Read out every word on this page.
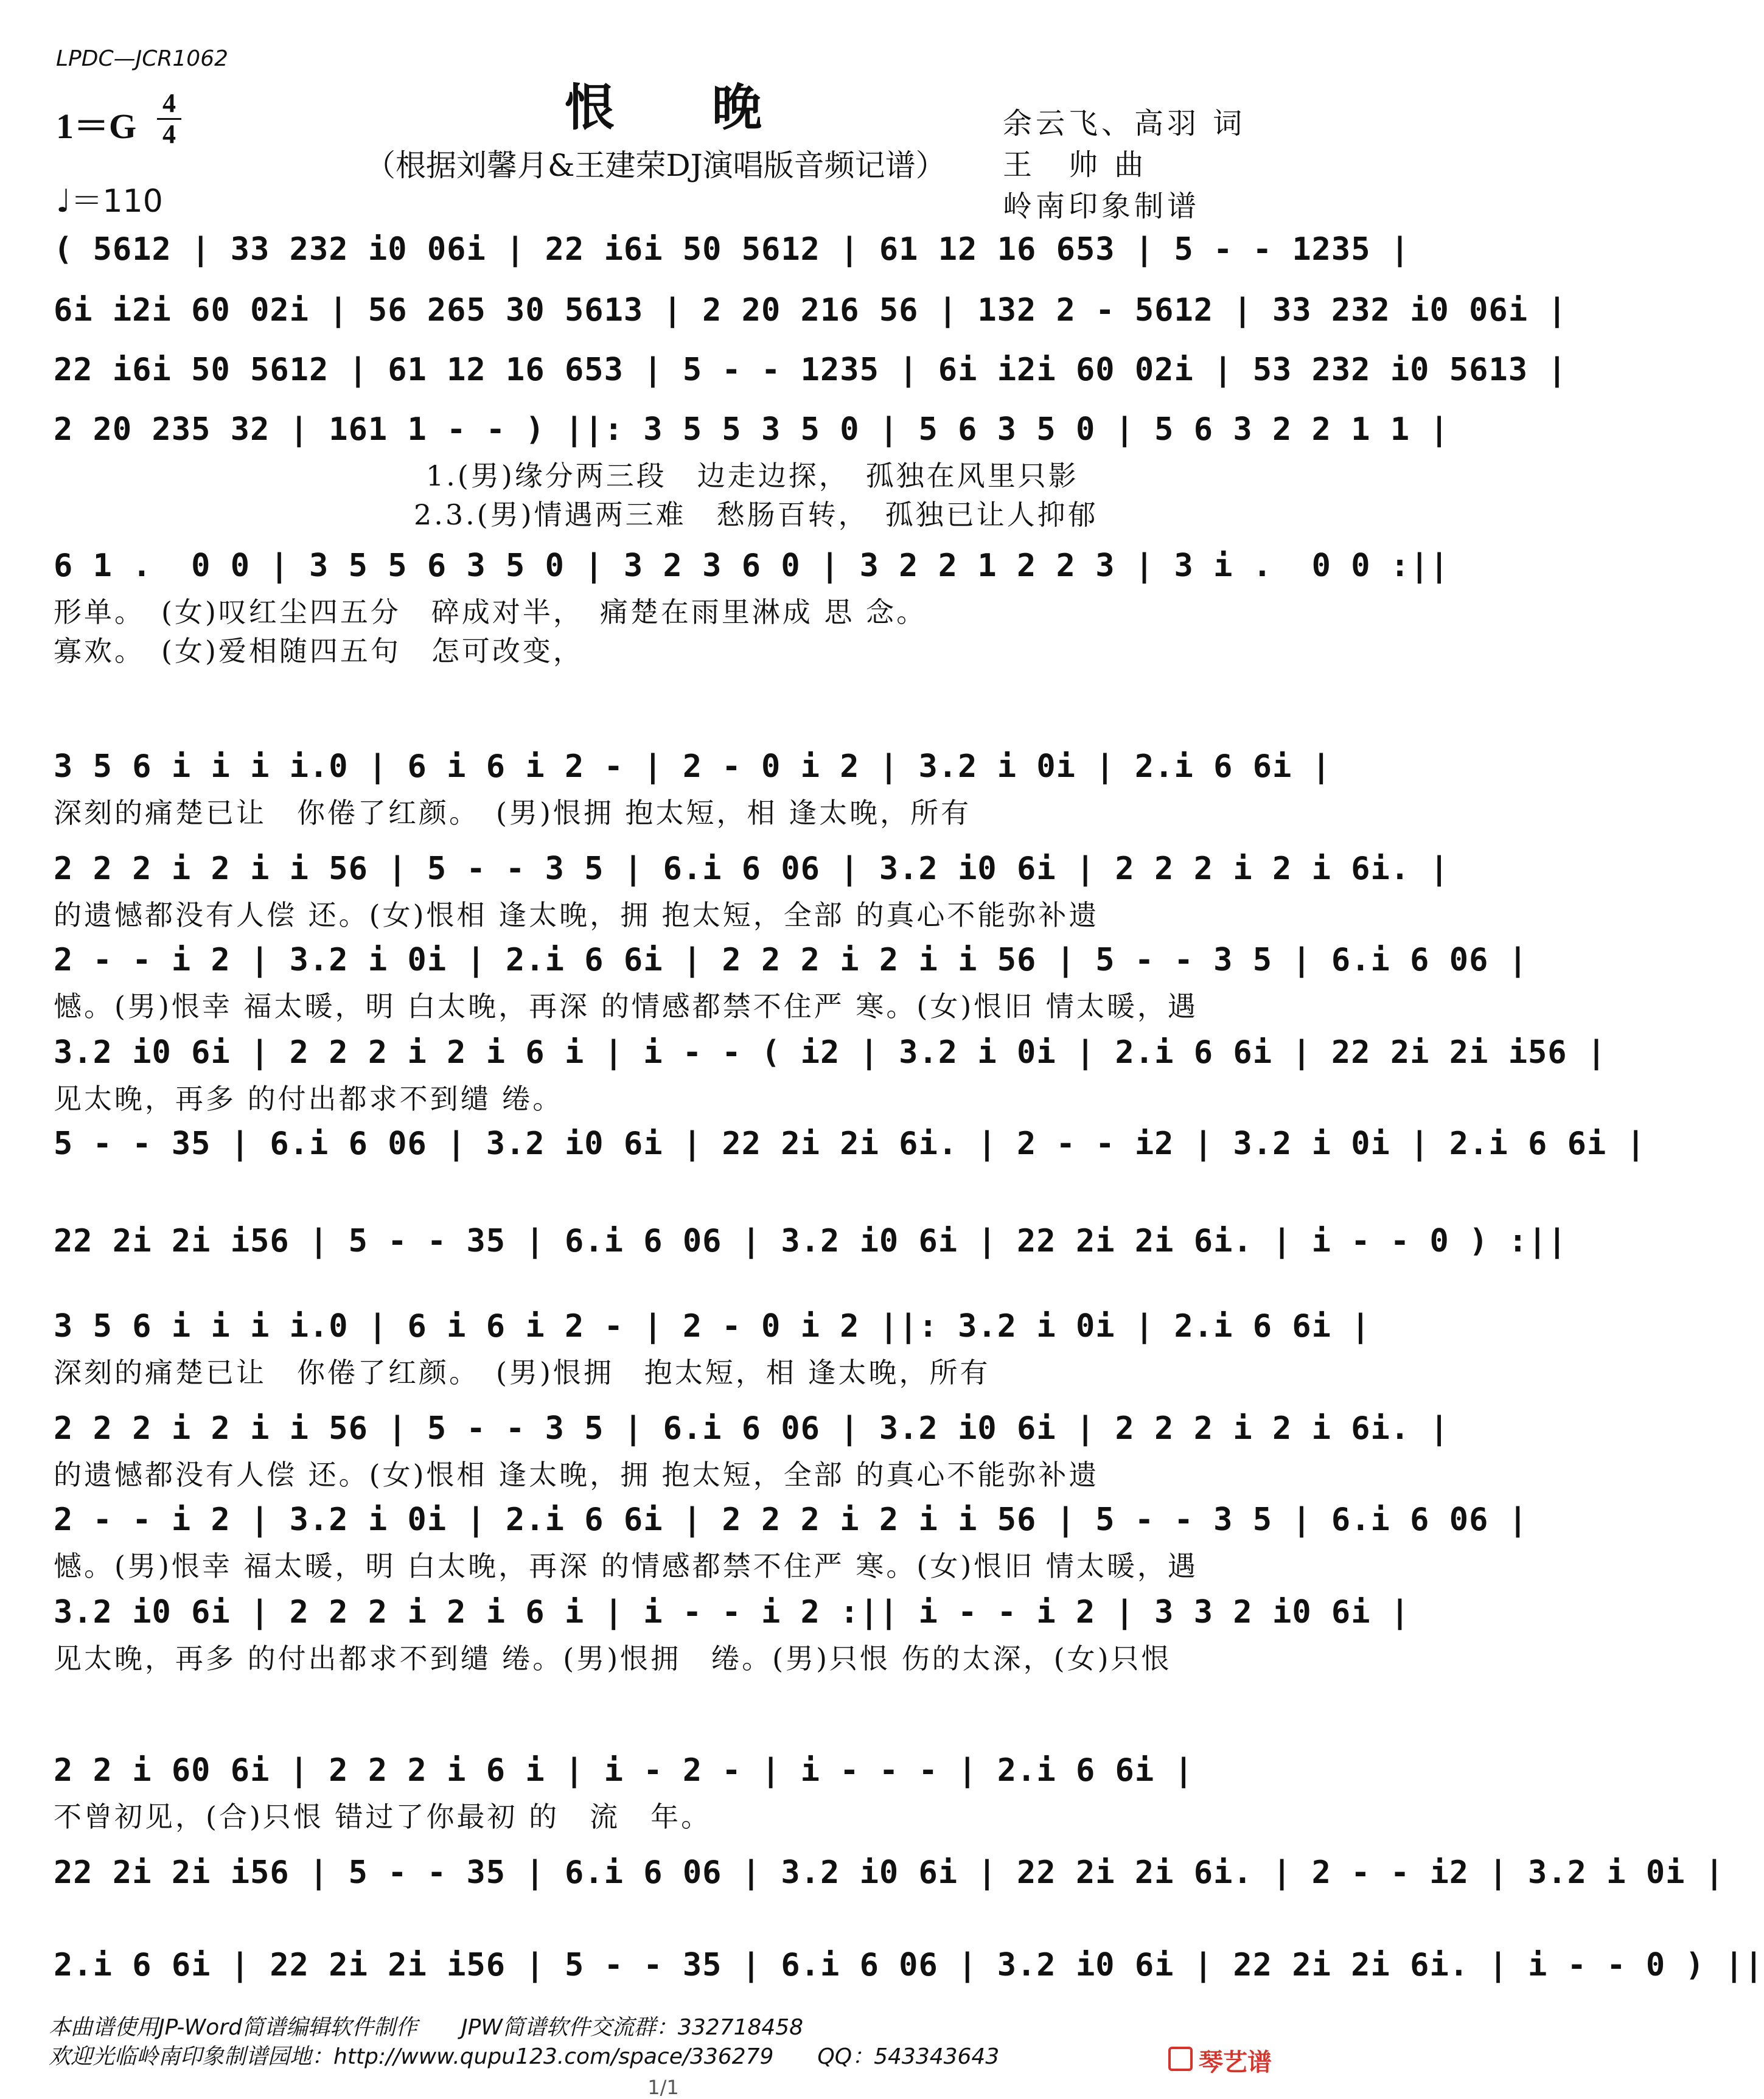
LPDC—JCR1062
恨晚
（根据刘馨月&王建荣DJ演唱版音频记谱）
1＝G
4
4
♩＝110
余云飞、高羽 词
王　帅 曲
岭南印象制谱
( 5612 | 33 232 i0 06i | 22 i6i 50 5612 | 61 12 16 653 | 5 - - 1235 |
6i i2i 60 02i | 56 265 30 5613 | 2 20 216 56 | 132 2 - 5612 | 33 232 i0 06i |
22 i6i 50 5612 | 61 12 16 653 | 5 - - 1235 | 6i i2i 60 02i | 53 232 i0 5613 |
2 20 235 32 | 161 1 - - ) ||: 3 5 5 3 5 0 | 5 6 3 5 0 | 5 6 3 2 2 1 1 |
1.(男)缘分两三段　边走边探，　孤独在风里只影
2.3.(男)情遇两三难　愁肠百转，　孤独已让人抑郁
6 1 .  0 0 | 3 5 5 6 3 5 0 | 3 2 3 6 0 | 3 2 2 1 2 2 3 | 3 i .  0 0 :||
形单。　(女)叹红尘四五分　碎成对半，　痛楚在雨里淋成 思 念。
寡欢。　(女)爱相随四五句　怎可改变，
3 5 6 i i i i.0 | 6 i 6 i 2 - | 2 - 0 i 2 | 3.2 i 0i | 2.i 6 6i |
深刻的痛楚已让　你倦了红颜。　(男)恨拥 抱太短，相 逢太晚，所有
2 2 2 i 2 i i 56 | 5 - - 3 5 | 6.i 6 06 | 3.2 i0 6i | 2 2 2 i 2 i 6i. |
的遗憾都没有人偿 还。(女)恨相 逢太晚，拥 抱太短，全部 的真心不能弥补遗
2 - - i 2 | 3.2 i 0i | 2.i 6 6i | 2 2 2 i 2 i i 56 | 5 - - 3 5 | 6.i 6 06 |
憾。(男)恨幸 福太暖，明 白太晚，再深 的情感都禁不住严 寒。(女)恨旧 情太暖，遇
3.2 i0 6i | 2 2 2 i 2 i 6 i | i - - ( i2 | 3.2 i 0i | 2.i 6 6i | 22 2i 2i i56 |
见太晚，再多 的付出都求不到缱 绻。
5 - - 35 | 6.i 6 06 | 3.2 i0 6i | 22 2i 2i 6i. | 2 - - i2 | 3.2 i 0i | 2.i 6 6i |
22 2i 2i i56 | 5 - - 35 | 6.i 6 06 | 3.2 i0 6i | 22 2i 2i 6i. | i - - 0 ) :||
3 5 6 i i i i.0 | 6 i 6 i 2 - | 2 - 0 i 2 ||: 3.2 i 0i | 2.i 6 6i |
深刻的痛楚已让　你倦了红颜。　(男)恨拥　抱太短，相 逢太晚，所有
2 2 2 i 2 i i 56 | 5 - - 3 5 | 6.i 6 06 | 3.2 i0 6i | 2 2 2 i 2 i 6i. |
的遗憾都没有人偿 还。(女)恨相 逢太晚，拥 抱太短，全部 的真心不能弥补遗
2 - - i 2 | 3.2 i 0i | 2.i 6 6i | 2 2 2 i 2 i i 56 | 5 - - 3 5 | 6.i 6 06 |
憾。(男)恨幸 福太暖，明 白太晚，再深 的情感都禁不住严 寒。(女)恨旧 情太暖，遇
3.2 i0 6i | 2 2 2 i 2 i 6 i | i - - i 2 :|| i - - i 2 | 3 3 2 i0 6i |
见太晚，再多 的付出都求不到缱 绻。(男)恨拥　绻。(男)只恨 伤的太深，(女)只恨
2 2 i 60 6i | 2 2 2 i 6 i | i - 2 - | i - - - | 2.i 6 6i |
不曾初见，(合)只恨 错过了你最初 的　流　年。
22 2i 2i i56 | 5 - - 35 | 6.i 6 06 | 3.2 i0 6i | 22 2i 2i 6i. | 2 - - i2 | 3.2 i 0i |
2.i 6 6i | 22 2i 2i i56 | 5 - - 35 | 6.i 6 06 | 3.2 i0 6i | 22 2i 2i 6i. | i - - 0 ) ||
本曲谱使用JP-Word简谱编辑软件制作　　JPW简谱软件交流群：332718458
欢迎光临岭南印象制谱园地：http://www.qupu123.com/space/336279　　QQ：543343643	琴艺谱
1/1
